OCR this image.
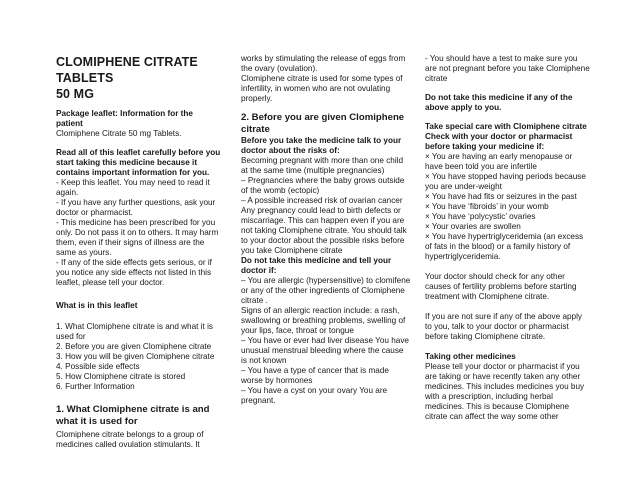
CLOMIPHENE CITRATE
TABLETS
50 MG
Package leaflet: Information for the patient
Clomiphene Citrate 50 mg Tablets.
Read all of this leaflet carefully before you start taking this medicine because it contains important information for you.
- Keep this leaflet. You may need to read it again.
- If you have any further questions, ask your doctor or pharmacist.
- This medicine has been prescribed for you only. Do not pass it on to others. It may harm them, even if their signs of illness are the same as yours.
- If any of the side effects gets serious, or if you notice any side effects not listed in this leaflet, please tell your doctor.
What is in this leaflet
1. What Clomiphene citrate is and what it is used for
2. Before you are given Clomiphene citrate
3. How you will be given Clomiphene citrate
4. Possible side effects
5. How Clomiphene citrate is stored
6. Further Information
1. What Clomiphene citrate is and what it is used for
Clomiphene citrate belongs to a group of medicines called ovulation stimulants. It
works by stimulating the release of eggs from the ovary (ovulation).
Clomiphene citrate is used for some types of infertility, in women who are not ovulating properly.
2. Before you are given Clomiphene citrate
Before you take the medicine talk to your doctor about the risks of:
Becoming pregnant with more than one child at the same time (multiple pregnancies)
– Pregnancies where the baby grows outside of the womb (ectopic)
– A possible increased risk of ovarian cancer
Any pregnancy could lead to birth defects or miscarriage. This can happen even if you are not taking Clomiphene citrate. You should talk to your doctor about the possible risks before you take Clomiphene citrate
Do not take this medicine and tell your doctor if:
– You are allergic (hypersensitive) to clomifene or any of the other ingredients of Clomiphene citrate .
Signs of an allergic reaction include: a rash, swallowing or breathing problems, swelling of your lips, face, throat or tongue
– You have or ever had liver disease You have unusual menstrual bleeding where the cause is not known
– You have a type of cancer that is made worse by hormones
– You have a cyst on your ovary You are pregnant.
- You should have a test to make sure you are not pregnant before you take Clomiphene citrate
Do not take this medicine if any of the above apply to you.
Take special care with Clomiphene citrate Check with your doctor or pharmacist before taking your medicine if:
× You are having an early menopause or have been told you are infertile
× You have stopped having periods because you are under-weight
× You have had fits or seizures in the past
× You have ‘fibroids’ in your womb
× You have ‘polycystic’ ovaries
× Your ovaries are swollen
× You have hypertriglyceridemia (an excess of fats in the blood) or a family history of hypertriglyceridemia.
Your doctor should check for any other causes of fertility problems before starting treatment with Clomiphene citrate.
If you are not sure if any of the above apply to you, talk to your doctor or pharmacist before taking Clomiphene citrate.
Taking other medicines
Please tell your doctor or pharmacist if you are taking or have recently taken any other medicines. This includes medicines you buy with a prescription, including herbal medicines. This is because Clomiphene citrate can affect the way some other
